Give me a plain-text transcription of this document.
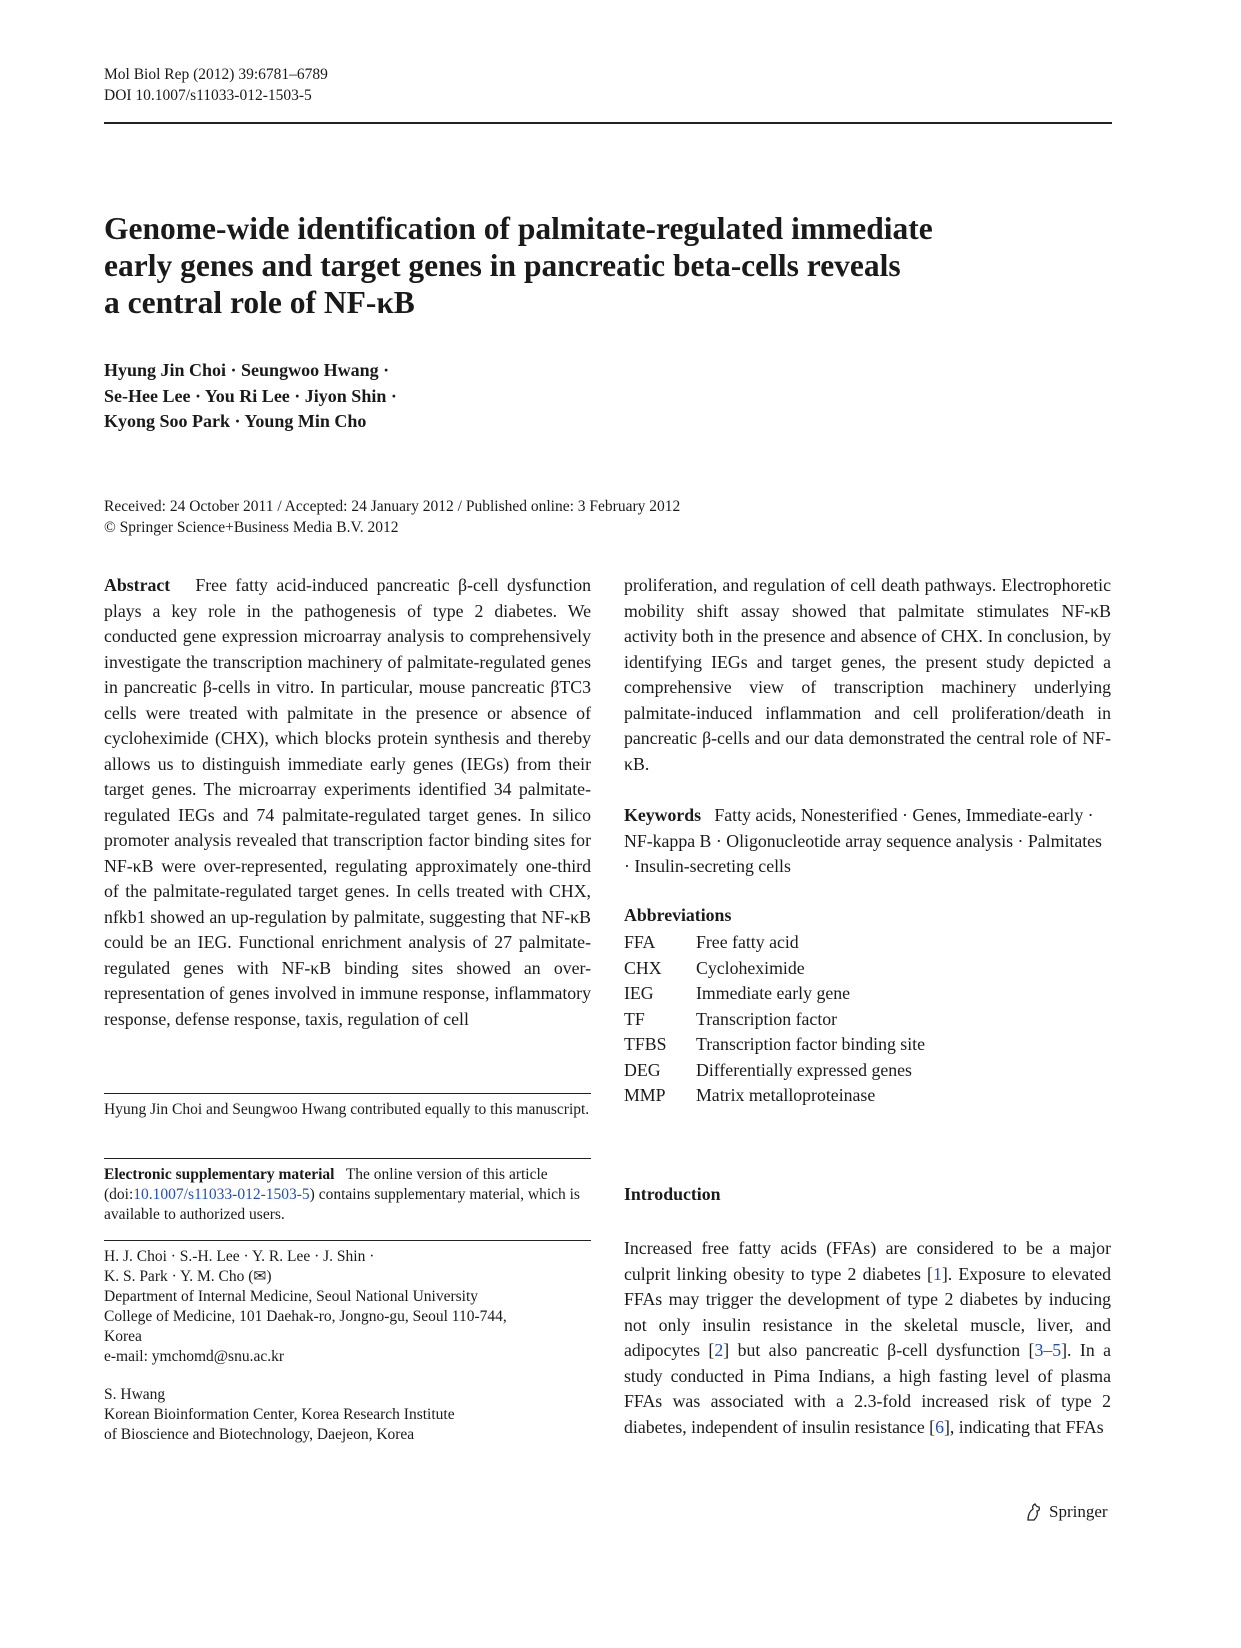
Mol Biol Rep (2012) 39:6781–6789
DOI 10.1007/s11033-012-1503-5
Genome-wide identification of palmitate-regulated immediate
early genes and target genes in pancreatic beta-cells reveals
a central role of NF-κB
Hyung Jin Choi · Seungwoo Hwang ·
Se-Hee Lee · You Ri Lee · Jiyon Shin ·
Kyong Soo Park · Young Min Cho
Received: 24 October 2011 / Accepted: 24 January 2012 / Published online: 3 February 2012
© Springer Science+Business Media B.V. 2012
Abstract Free fatty acid-induced pancreatic β-cell dysfunction plays a key role in the pathogenesis of type 2 diabetes. We conducted gene expression microarray analysis to comprehensively investigate the transcription machinery of palmitate-regulated genes in pancreatic β-cells in vitro. In particular, mouse pancreatic βTC3 cells were treated with palmitate in the presence or absence of cycloheximide (CHX), which blocks protein synthesis and thereby allows us to distinguish immediate early genes (IEGs) from their target genes. The microarray experiments identified 34 palmitate-regulated IEGs and 74 palmitate-regulated target genes. In silico promoter analysis revealed that transcription factor binding sites for NF-κB were over-represented, regulating approximately one-third of the palmitate-regulated target genes. In cells treated with CHX, nfkb1 showed an up-regulation by palmitate, suggesting that NF-κB could be an IEG. Functional enrichment analysis of 27 palmitate-regulated genes with NF-κB binding sites showed an over-representation of genes involved in immune response, inflammatory response, defense response, taxis, regulation of cell
proliferation, and regulation of cell death pathways. Electrophoretic mobility shift assay showed that palmitate stimulates NF-κB activity both in the presence and absence of CHX. In conclusion, by identifying IEGs and target genes, the present study depicted a comprehensive view of transcription machinery underlying palmitate-induced inflammation and cell proliferation/death in pancreatic β-cells and our data demonstrated the central role of NF-κB.
Keywords Fatty acids, Nonesterified · Genes, Immediate-early · NF-kappa B · Oligonucleotide array sequence analysis · Palmitates · Insulin-secreting cells
Abbreviations
FFA	Free fatty acid
CHX	Cycloheximide
IEG	Immediate early gene
TF	Transcription factor
TFBS	Transcription factor binding site
DEG	Differentially expressed genes
MMP	Matrix metalloproteinase
Introduction
Increased free fatty acids (FFAs) are considered to be a major culprit linking obesity to type 2 diabetes [1]. Exposure to elevated FFAs may trigger the development of type 2 diabetes by inducing not only insulin resistance in the skeletal muscle, liver, and adipocytes [2] but also pancreatic β-cell dysfunction [3–5]. In a study conducted in Pima Indians, a high fasting level of plasma FFAs was associated with a 2.3-fold increased risk of type 2 diabetes, independent of insulin resistance [6], indicating that FFAs
Hyung Jin Choi and Seungwoo Hwang contributed equally to this manuscript.
Electronic supplementary material The online version of this article (doi:10.1007/s11033-012-1503-5) contains supplementary material, which is available to authorized users.
H. J. Choi · S.-H. Lee · Y. R. Lee · J. Shin ·
K. S. Park · Y. M. Cho (✉)
Department of Internal Medicine, Seoul National University
College of Medicine, 101 Daehak-ro, Jongno-gu, Seoul 110-744,
Korea
e-mail: ymchomd@snu.ac.kr
S. Hwang
Korean Bioinformation Center, Korea Research Institute
of Bioscience and Biotechnology, Daejeon, Korea
Springer
